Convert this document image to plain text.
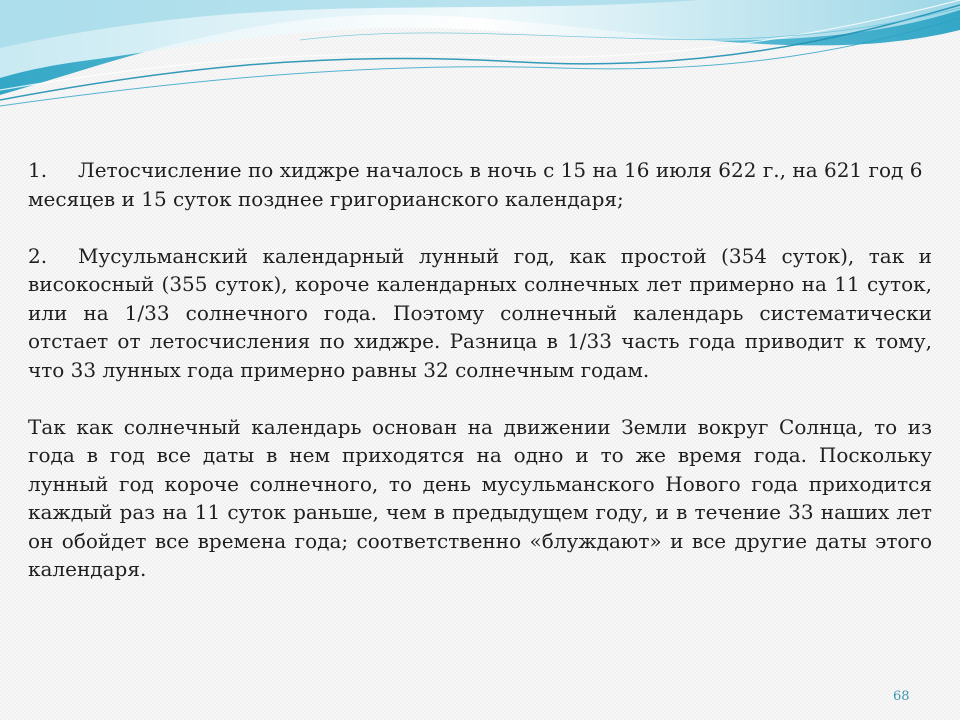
1. Летосчисление по хиджре началось в ночь с 15 на 16 июля 622 г., на 621 год 6 месяцев и 15 суток позднее григорианского календаря;

2. Мусульманский календарный лунный год, как простой (354 суток), так и високосный (355 суток), короче календарных солнечных лет примерно на 11 суток, или на 1/33 солнечного года. Поэтому солнечный календарь систематически отстает от летосчисления по хиджре. Разница в 1/33 часть года приводит к тому, что 33 лунных года примерно равны 32 солнечным годам.

Так как солнечный календарь основан на движении Земли вокруг Солнца, то из года в год все даты в нем приходятся на одно и то же время года. Поскольку лунный год короче солнечного, то день мусульманского Нового года приходится каждый раз на 11 суток раньше, чем в предыдущем году, и в течение 33 наших лет он обойдет все времена года; соответственно «блуждают» и все другие даты этого календаря.

68
